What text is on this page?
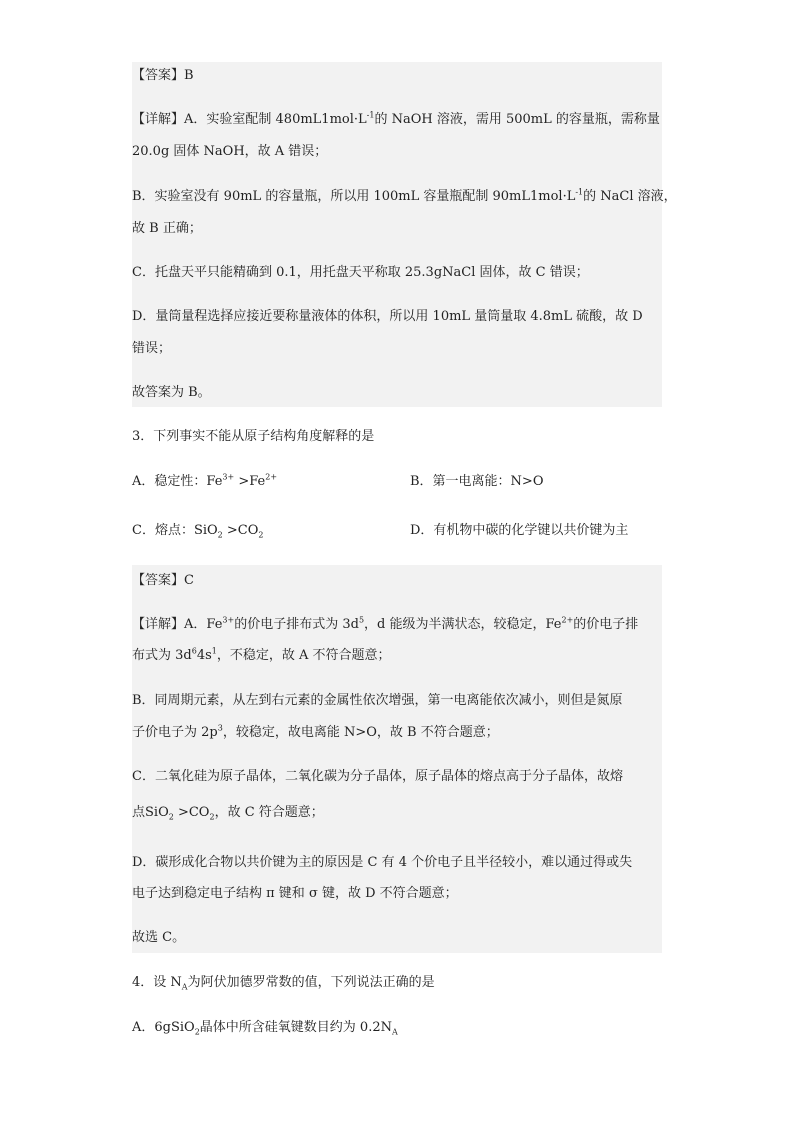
【答案】B
【详解】A．实验室配制 $480mL1mol\cdot L^{-1}$的 NaOH 溶液，需用 500mL 的容量瓶，需称量
20.0g 固体 NaOH，故 A 错误；
B．实验室没有 90mL 的容量瓶，所以用 100mL 容量瓶配制 $90mL1mol\cdot L^{-1}$的 NaCl 溶液，
故 B 正确；
C．托盘天平只能精确到 0.1，用托盘天平称取 25.3gNaCl 固体，故 C 错误；
D．量筒量程选择应接近要称量液体的体积，所以用 10mL 量筒量取 4.8mL 硫酸，故 D
错误；
故答案为 B。
3．下列事实不能从原子结构角度解释的是
A．稳定性：$Fe^{3+} >Fe^{2+}$	B．第一电离能：N>O
C．熔点：$SiO_2 >CO_2$	D．有机物中碳的化学键以共价键为主
【答案】C
【详解】A．$Fe^{3+}$的价电子排布式为 $3d^5$，d 能级为半满状态，较稳定，$Fe^{2+}$的价电子排
布式为 $3d^64s^1$，不稳定，故 A 不符合题意；
B．同周期元素，从左到右元素的金属性依次增强，第一电离能依次减小，则但是氮原
子价电子为 $2p^3$，较稳定，故电离能 N>O，故 B 不符合题意；
C．二氧化硅为原子晶体，二氧化碳为分子晶体，原子晶体的熔点高于分子晶体，故熔
点$SiO_2 >CO_2$，故 C 符合题意；
D．碳形成化合物以共价键为主的原因是 C 有 4 个价电子且半径较小，难以通过得或失
电子达到稳定电子结构 π 键和 σ 键，故 D 不符合题意；
故选 C。
4．设 $N_A$为阿伏加德罗常数的值，下列说法正确的是
A．6gSiO$_2$晶体中所含硅氧键数目约为 $0.2N_A$
